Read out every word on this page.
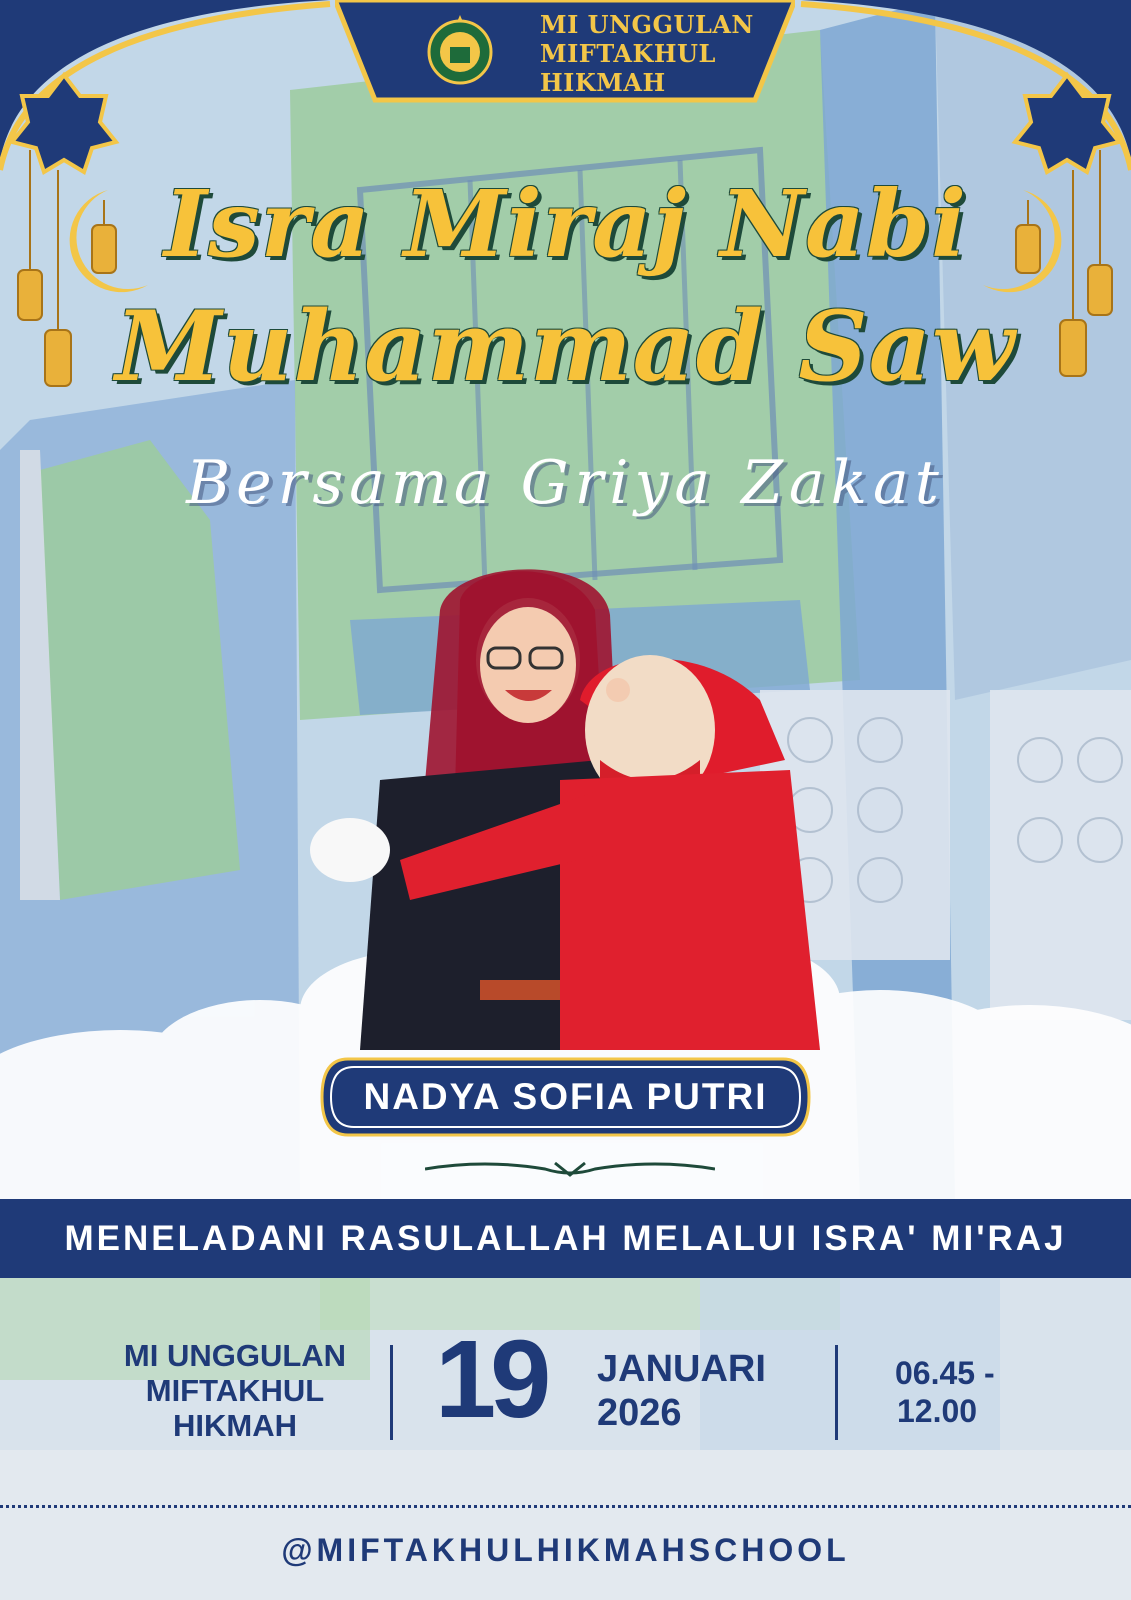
MI UNGGULAN
MIFTAKHUL
HIKMAH
Isra Miraj Nabi
Muhammad Saw
Bersama Griya Zakat
NADYA SOFIA PUTRI
MENELADANI RASULALLAH MELALUI ISRA' MI'RAJ
MI UNGGULAN
MIFTAKHUL
HIKMAH	19	JANUARI
2026
06.45 -
12.00
@MIFTAKHULHIKMAHSCHOOL
